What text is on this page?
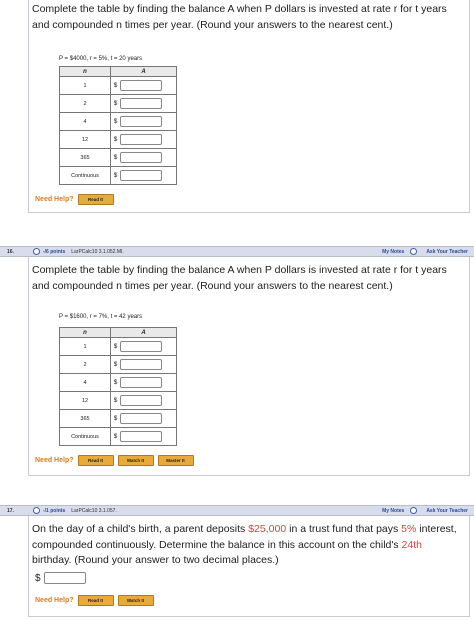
Complete the table by finding the balance A when P dollars is invested at rate r for t years and compounded n times per year. (Round your answers to the nearest cent.)

P = $4000, r = 5%, t = 20 years
n	A
1	$
2	$
4	$
12	$
365	$
Continuous	$
Need Help?	Read It
16.	-/6 points LarPCalc10 3.1.052.MI.	My Notes	Ask Your Teacher

Complete the table by finding the balance A when P dollars is invested at rate r for t years and compounded n times per year. (Round your answers to the nearest cent.)

P = $1600, r = 7%, t = 42 years
n	A
1	$
2	$
4	$
12	$
365	$
Continuous	$
Need Help?	Read It	Watch It	Master It
17.	-/1 points LarPCalc10 3.1.057.	My Notes	Ask Your Teacher

On the day of a child's birth, a parent deposits $25,000 in a trust fund that pays 5% interest, compounded continuously. Determine the balance in this account on the child's 24th birthday. (Round your answer to two decimal places.)

$
Need Help?	Read It	Watch It
